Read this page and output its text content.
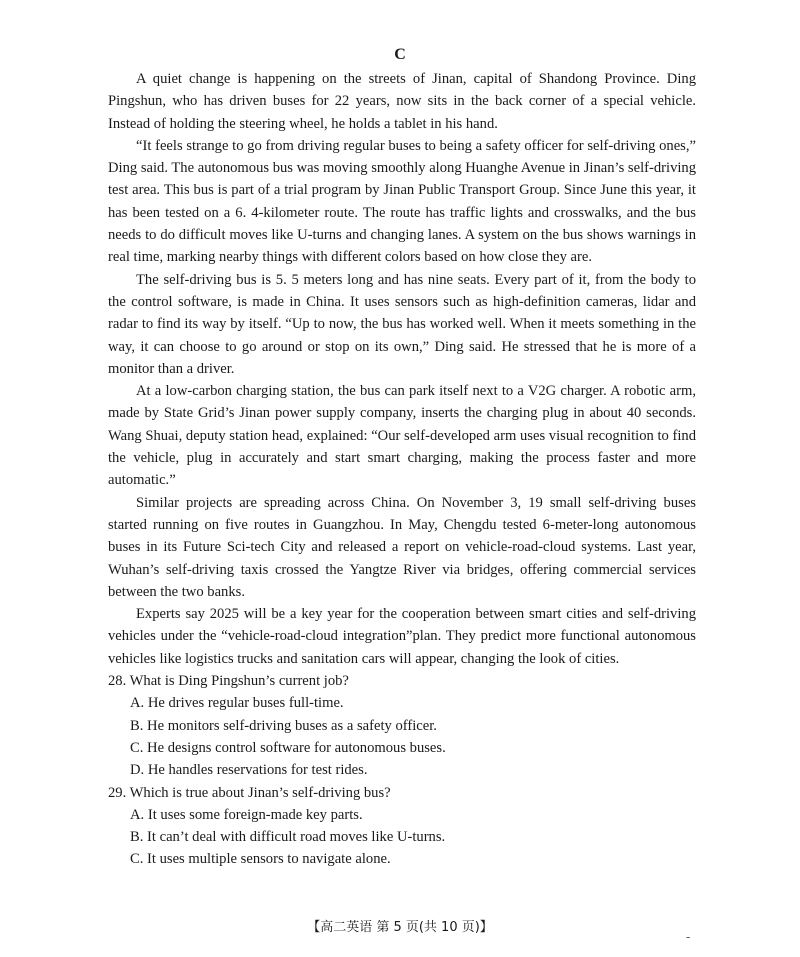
C

A quiet change is happening on the streets of Jinan, capital of Shandong Province. Ding Pingshun, who has driven buses for 22 years, now sits in the back corner of a special vehicle. Instead of holding the steering wheel, he holds a tablet in his hand.

“It feels strange to go from driving regular buses to being a safety officer for self-driving ones,” Ding said. The autonomous bus was moving smoothly along Huanghe Avenue in Jinan’s self-driving test area. This bus is part of a trial program by Jinan Public Transport Group. Since June this year, it has been tested on a 6. 4-kilometer route. The route has traffic lights and crosswalks, and the bus needs to do difficult moves like U-turns and changing lanes. A system on the bus shows warnings in real time, marking nearby things with different colors based on how close they are.

The self-driving bus is 5. 5 meters long and has nine seats. Every part of it, from the body to the control software, is made in China. It uses sensors such as high-definition cameras, lidar and radar to find its way by itself. “Up to now, the bus has worked well. When it meets something in the way, it can choose to go around or stop on its own,” Ding said. He stressed that he is more of a monitor than a driver.

At a low-carbon charging station, the bus can park itself next to a V2G charger. A robotic arm, made by State Grid’s Jinan power supply company, inserts the charging plug in about 40 seconds. Wang Shuai, deputy station head, explained: “Our self-developed arm uses visual recognition to find the vehicle, plug in accurately and start smart charging, making the process faster and more automatic.”

Similar projects are spreading across China. On November 3, 19 small self-driving buses started running on five routes in Guangzhou. In May, Chengdu tested 6-meter-long autonomous buses in its Future Sci-tech City and released a report on vehicle-road-cloud systems. Last year, Wuhan’s self-driving taxis crossed the Yangtze River via bridges, offering commercial services between the two banks.

Experts say 2025 will be a key year for the cooperation between smart cities and self-driving vehicles under the “vehicle-road-cloud integration”plan. They predict more functional autonomous vehicles like logistics trucks and sanitation cars will appear, changing the look of cities.

28. What is Ding Pingshun’s current job?

A. He drives regular buses full-time.

B. He monitors self-driving buses as a safety officer.

C. He designs control software for autonomous buses.

D. He handles reservations for test rides.

29. Which is true about Jinan’s self-driving bus?

A. It uses some foreign-made key parts.

B. It can’t deal with difficult road moves like U-turns.

C. It uses multiple sensors to navigate alone.

【高二英语 第 5 页(共 10 页)】
-
